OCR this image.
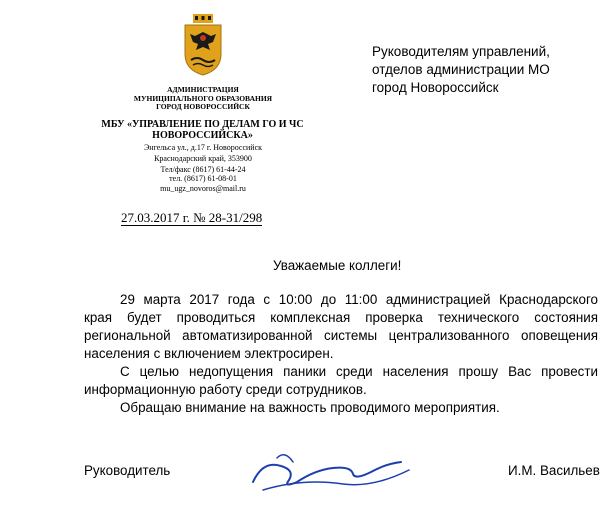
АДМИНИСТРАЦИЯ
МУНИЦИПАЛЬНОГО ОБРАЗОВАНИЯ
ГОРОД НОВОРОССИЙСК
МБУ «УПРАВЛЕНИЕ ПО ДЕЛАМ ГО И ЧС
НОВОРОССИЙСКА»
Энгельса ул., д.17 г. Новороссийск
Краснодарский край, 353900
Тел/факс (8617) 61-44-24
тел. (8617) 61-08-01
mu_ugz_novoros@mail.ru
27.03.2017 г. № 28-31/298
Руководителям управлений,
отделов администрации МО
город Новороссийск
Уважаемые коллеги!
29 марта 2017 года с 10:00 до 11:00 администрацией Краснодарского
края будет проводиться комплексная проверка технического состояния
региональной автоматизированной системы централизованного оповещения
населения с включением электросирен.
С целью недопущения паники среди населения прошу Вас провести
информационную работу среди сотрудников.
Обращаю внимание на важность проводимого мероприятия.
Руководитель	И.М. Васильев
